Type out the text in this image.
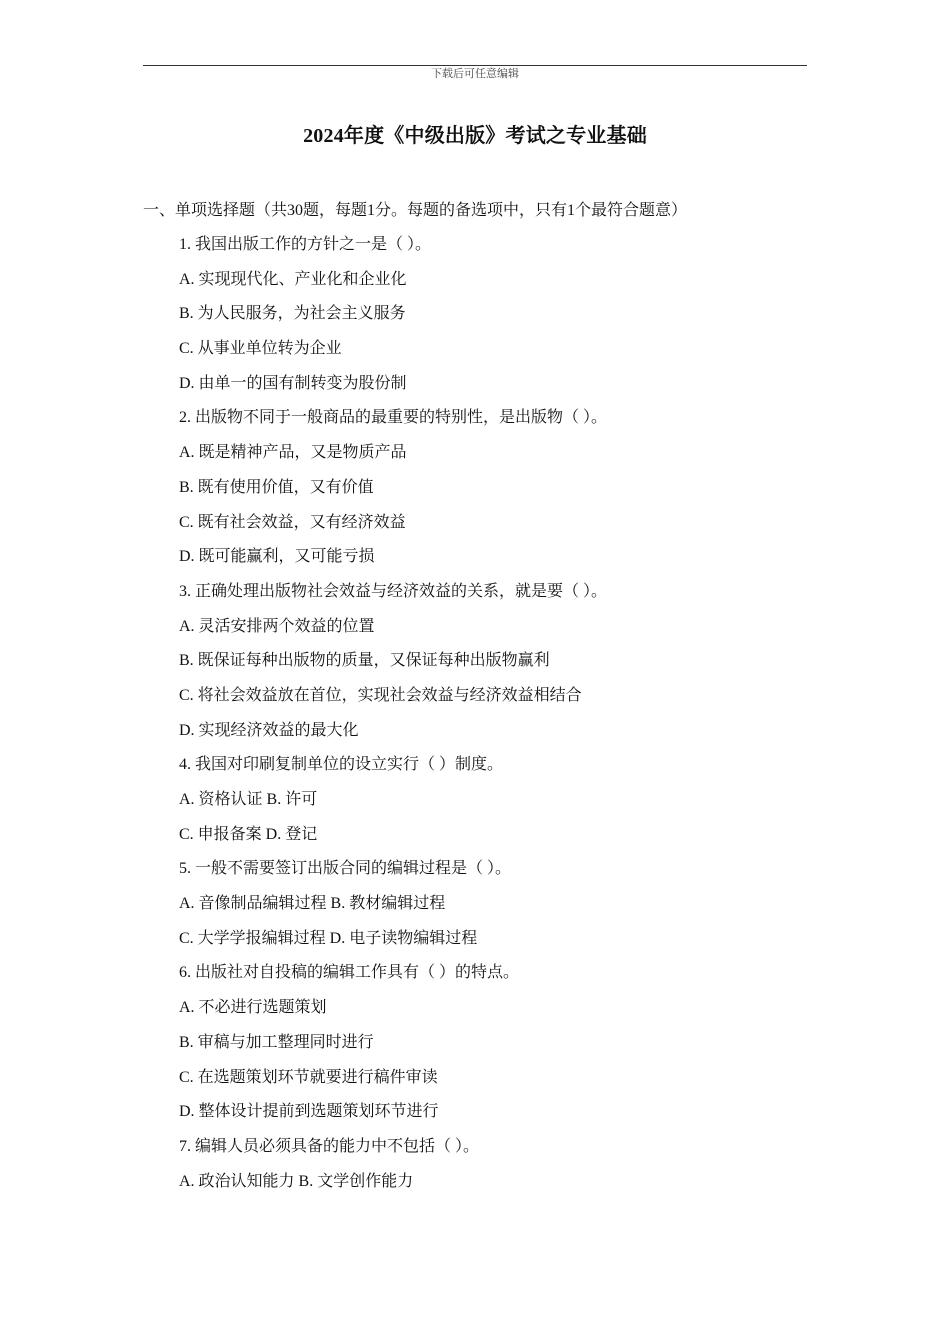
下载后可任意编辑
2024年度《中级出版》考试之专业基础
一、单项选择题（共30题，每题1分。每题的备选项中，只有1个最符合题意）
1. 我国出版工作的方针之一是（ ）。
A. 实现现代化、产业化和企业化
B. 为人民服务，为社会主义服务
C. 从事业单位转为企业
D. 由单一的国有制转变为股份制
2. 出版物不同于一般商品的最重要的特别性，是出版物（ ）。
A. 既是精神产品，又是物质产品
B. 既有使用价值，又有价值
C. 既有社会效益，又有经济效益
D. 既可能赢利，又可能亏损
3. 正确处理出版物社会效益与经济效益的关系，就是要（ ）。
A. 灵活安排两个效益的位置
B. 既保证每种出版物的质量，又保证每种出版物赢利
C. 将社会效益放在首位，实现社会效益与经济效益相结合
D. 实现经济效益的最大化
4. 我国对印刷复制单位的设立实行（ ）制度。
A. 资格认证 B. 许可
C. 申报备案 D. 登记
5. 一般不需要签订出版合同的编辑过程是（ ）。
A. 音像制品编辑过程 B. 教材编辑过程
C. 大学学报编辑过程 D. 电子读物编辑过程
6. 出版社对自投稿的编辑工作具有（ ）的特点。
A. 不必进行选题策划
B. 审稿与加工整理同时进行
C. 在选题策划环节就要进行稿件审读
D. 整体设计提前到选题策划环节进行
7. 编辑人员必须具备的能力中不包括（ ）。
A. 政治认知能力 B. 文学创作能力
